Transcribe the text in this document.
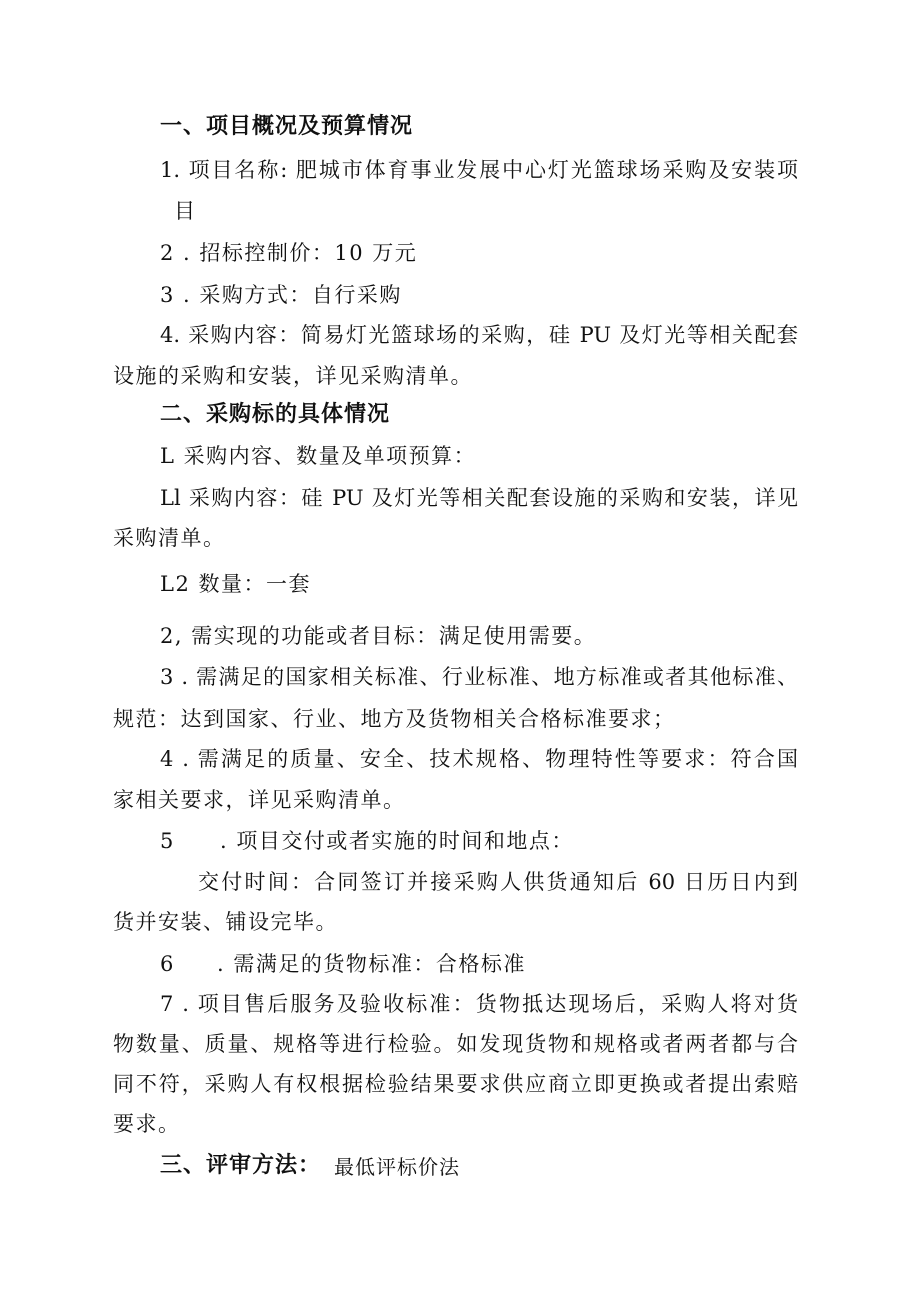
一、项目概况及预算情况
1. 项目名称: 肥城市体育事业发展中心灯光篮球场采购及安装项
目
2 . 招标控制价：10 万元
3 . 采购方式：自行采购
4. 采购内容：简易灯光篮球场的采购，硅 PU 及灯光等相关配套
设施的采购和安装，详见采购清单。
二、采购标的具体情况
L 采购内容、数量及单项预算：
Ll 采购内容：硅 PU 及灯光等相关配套设施的采购和安装，详见
采购清单。
L2 数量：一套
2, 需实现的功能或者目标：满足使用需要。
3 . 需满足的国家相关标准、行业标准、地方标准或者其他标准、
规范：达到国家、行业、地方及货物相关合格标准要求；
4 . 需满足的质量、安全、技术规格、物理特性等要求：符合国
家相关要求，详见采购清单。
5 . 项目交付或者实施的时间和地点：
交付时间：合同签订并接采购人供货通知后 60 日历日内到
货并安装、铺设完毕。
6 . 需满足的货物标准：合格标准
7 . 项目售后服务及验收标准：货物抵达现场后，采购人将对货
物数量、质量、规格等进行检验。如发现货物和规格或者两者都与合
同不符，采购人有权根据检验结果要求供应商立即更换或者提出索赔
要求。
三、评审方法： 最低评标价法
